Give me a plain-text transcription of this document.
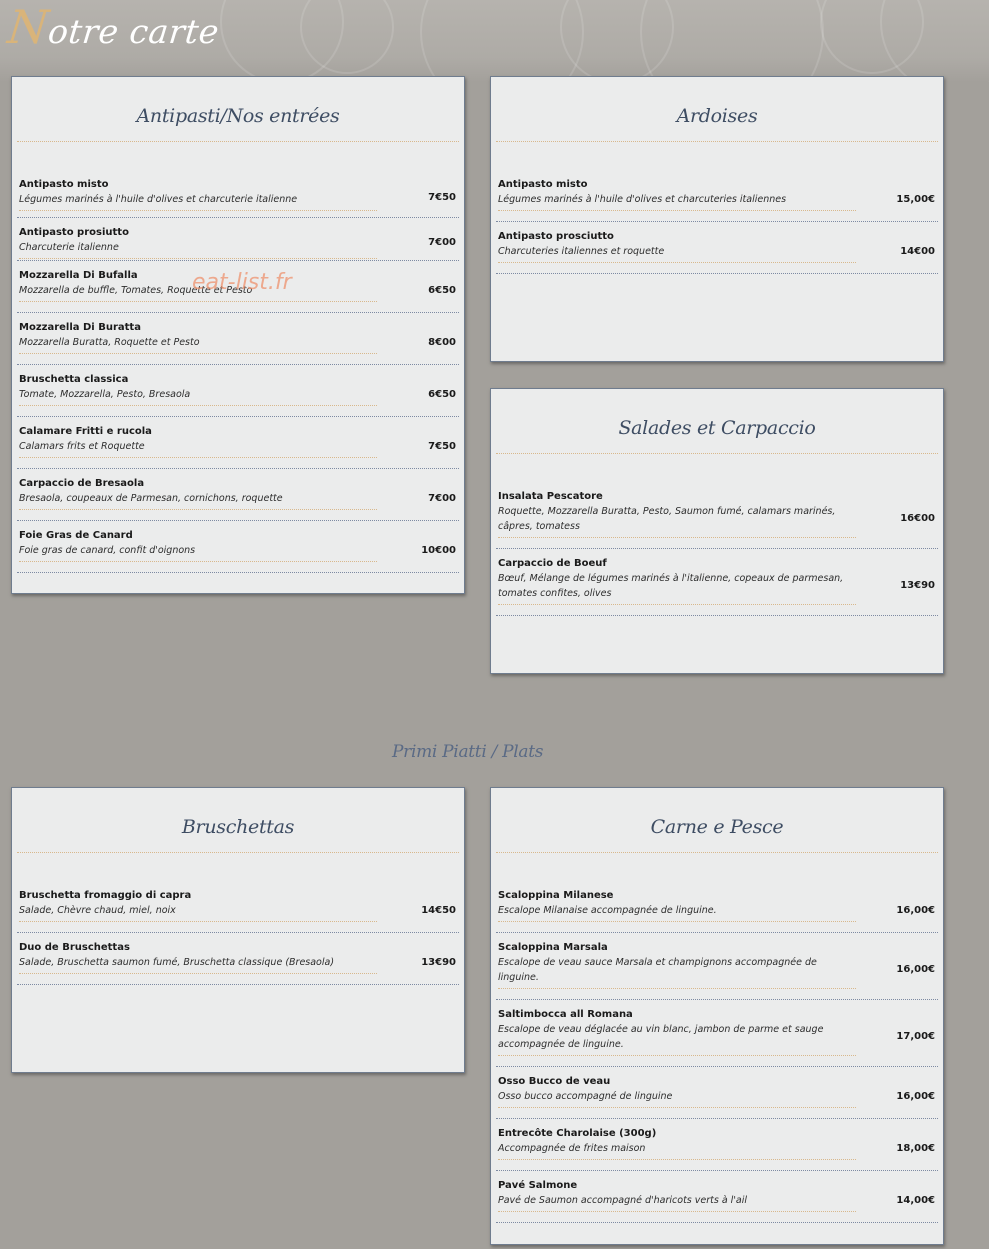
Notre carte
Antipasti/Nos entrées
Antipasto misto
Légumes marinés à l'huile d'olives et charcuterie italienne	7€50
Antipasto prosiutto
Charcuterie italienne	7€00
Mozzarella Di Bufalla
Mozzarella de buffle, Tomates, Roquette et Pesto	6€50
Mozzarella Di Buratta
Mozzarella Buratta, Roquette et Pesto	8€00
Bruschetta classica
Tomate, Mozzarella, Pesto, Bresaola	6€50
Calamare Fritti e rucola
Calamars frits et Roquette	7€50
Carpaccio de Bresaola
Bresaola, coupeaux de Parmesan, cornichons, roquette	7€00
Foie Gras de Canard
Foie gras de canard, confit d'oignons	10€00
eat-list.fr
Ardoises
Antipasto misto
Légumes marinés à l'huile d'olives et charcuteries italiennes	15,00€
Antipasto prosciutto
Charcuteries italiennes et roquette	14€00
Salades et Carpaccio
Insalata Pescatore
Roquette, Mozzarella Buratta, Pesto, Saumon fumé, calamars marinés, câpres, tomatess
16€00
Carpaccio de Boeuf
Bœuf, Mélange de légumes marinés à l'italienne, copeaux de parmesan, tomates confites, olives
13€90
Primi Piatti / Plats
Bruschettas
Bruschetta fromaggio di capra
Salade, Chèvre chaud, miel, noix	14€50
Duo de Bruschettas
Salade, Bruschetta saumon fumé, Bruschetta classique (Bresaola)	13€90
Carne e Pesce
Scaloppina Milanese
Escalope Milanaise accompagnée de linguine.	16,00€
Scaloppina Marsala
Escalope de veau sauce Marsala et champignons accompagnée de linguine.
16,00€
Saltimbocca all Romana
Escalope de veau déglacée au vin blanc, jambon de parme et sauge accompagnée de linguine.
17,00€
Osso Bucco de veau
Osso bucco accompagné de linguine	16,00€
Entrecôte Charolaise (300g)
Accompagnée de frites maison	18,00€
Pavé Salmone
Pavé de Saumon accompagné d'haricots verts à l'ail	14,00€
